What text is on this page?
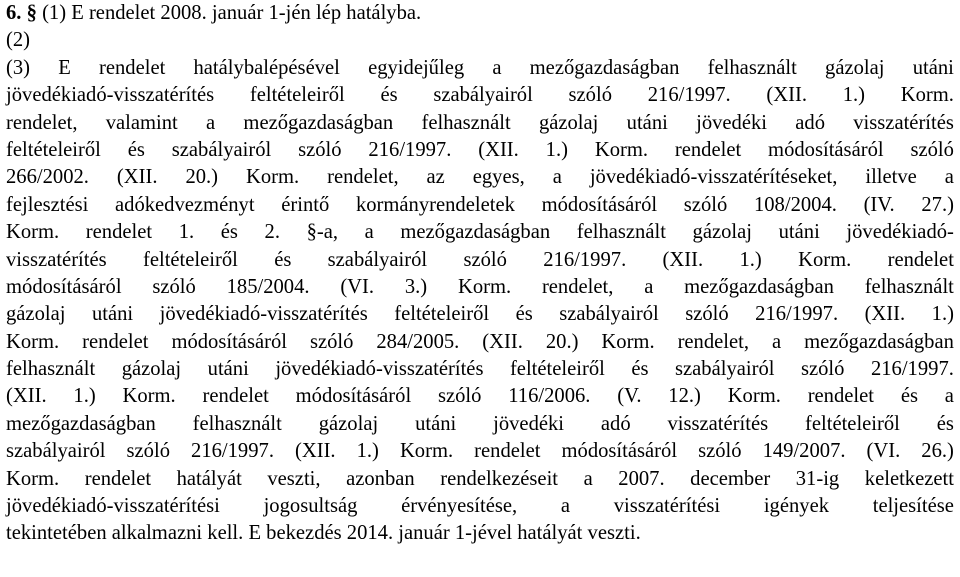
6. § (1) E rendelet 2008. január 1-jén lép hatályba.
(2)
(3) E rendelet hatálybalépésével egyidejűleg a mezőgazdaságban felhasznált gázolaj utáni
jövedékiadó-visszatérítés feltételeiről és szabályairól szóló 216/1997. (XII. 1.) Korm.
rendelet, valamint a mezőgazdaságban felhasznált gázolaj utáni jövedéki adó visszatérítés
feltételeiről és szabályairól szóló 216/1997. (XII. 1.) Korm. rendelet módosításáról szóló
266/2002. (XII. 20.) Korm. rendelet, az egyes, a jövedékiadó-visszatérítéseket, illetve a
fejlesztési adókedvezményt érintő kormányrendeletek módosításáról szóló 108/2004. (IV. 27.)
Korm. rendelet 1. és 2. §-a, a mezőgazdaságban felhasznált gázolaj utáni jövedékiadó-
visszatérítés feltételeiről és szabályairól szóló 216/1997. (XII. 1.) Korm. rendelet
módosításáról szóló 185/2004. (VI. 3.) Korm. rendelet, a mezőgazdaságban felhasznált
gázolaj utáni jövedékiadó-visszatérítés feltételeiről és szabályairól szóló 216/1997. (XII. 1.)
Korm. rendelet módosításáról szóló 284/2005. (XII. 20.) Korm. rendelet, a mezőgazdaságban
felhasznált gázolaj utáni jövedékiadó-visszatérítés feltételeiről és szabályairól szóló 216/1997.
(XII. 1.) Korm. rendelet módosításáról szóló 116/2006. (V. 12.) Korm. rendelet és a
mezőgazdaságban felhasznált gázolaj utáni jövedéki adó visszatérítés feltételeiről és
szabályairól szóló 216/1997. (XII. 1.) Korm. rendelet módosításáról szóló 149/2007. (VI. 26.)
Korm. rendelet hatályát veszti, azonban rendelkezéseit a 2007. december 31-ig keletkezett
jövedékiadó-visszatérítési jogosultság érvényesítése, a visszatérítési igények teljesítése
tekintetében alkalmazni kell. E bekezdés 2014. január 1-jével hatályát veszti.
